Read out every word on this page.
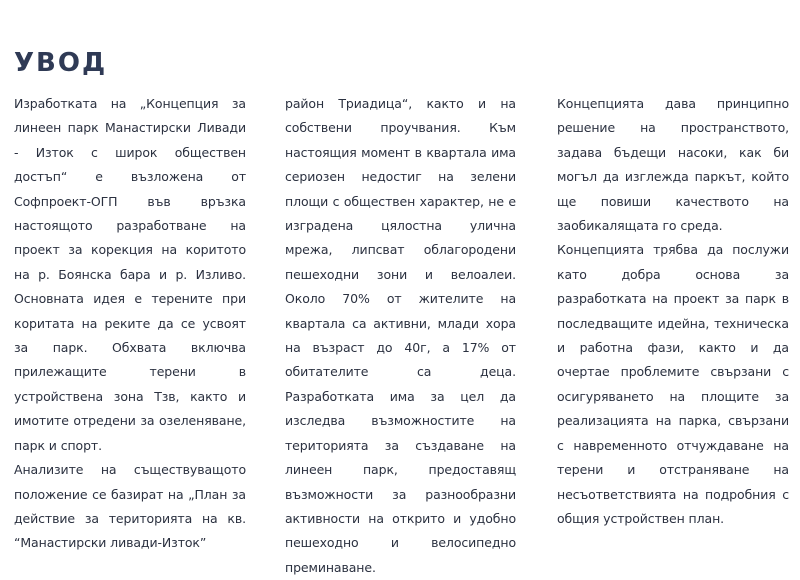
УВОД

Изработката на „Концепция за линеен парк Манастирски Ливади - Изток с широк обществен достъп“ е възложена от Софпроект-ОГП във връзка настоящото разработване на проект за корекция на коритото на р. Боянска бара и р. Изливо. Основната идея е терените при коритата на реките да се усвоят за парк. Обхвата включва прилежащите терени в устройствена зона Тзв, както и имотите отредени за озеленяване, парк и спорт.

Анализите на съществуващото положение се базират на „План за действие за територията на кв. “Манастирски ливади-Изток”

район Триадица“, както и на собствени проучвания. Към настоящия момент в квартала има сериозен недостиг на зелени площи с обществен характер, не е изградена цялостна улична мрежа, липсват облагородени пешеходни зони и велоалеи. Около 70% от жителите на квартала са активни, млади хора на възраст до 40г, а 17% от обитателите са деца. Разработката има за цел да изследва възможностите на територията за създаване на линеен парк, предоставящ възможности за разнообразни активности на открито и удобно пешеходно и велосипедно преминаване.

Концепцията дава принципно решение на пространството, задава бъдещи насоки, как би могъл да изглежда паркът, който ще повиши качеството на заобикалящата го среда.

Концепцията трябва да послужи като добра основа за разработката на проект за парк в последващите идейна, техническа и работна фази, както и да очертае проблемите свързани с осигуряването на площите за реализацията на парка, свързани с навременното отчуждаване на терени и отстраняване на несъответствията на подробния с общия устройствен план.
